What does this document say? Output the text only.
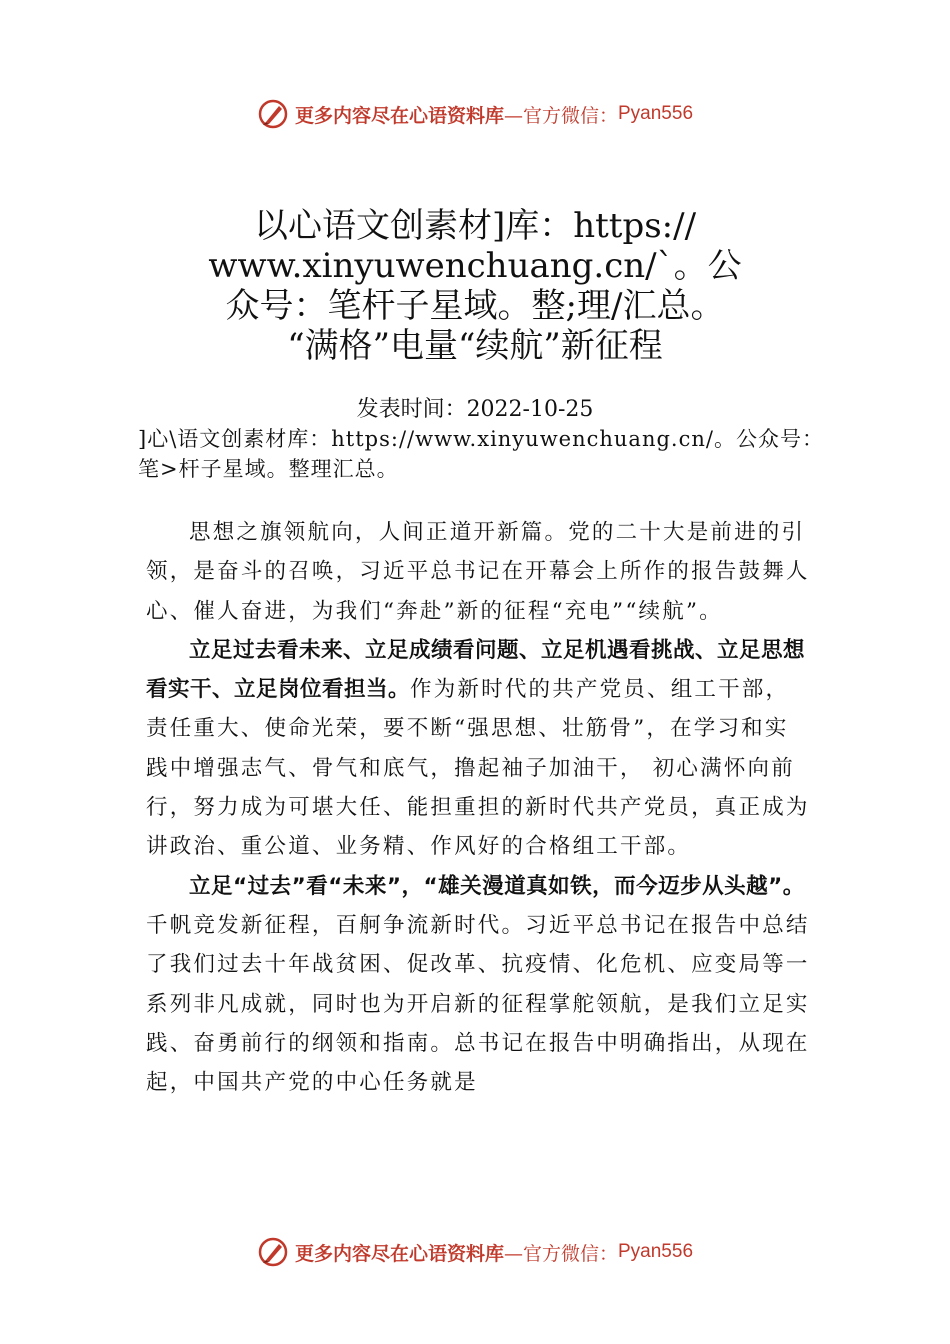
更多内容尽在心语资料库 —官方微信： Pyan556
以心语文创素材]库：https://
www.xinyuwenchuang.cn/`。公
众号：笔杆子星域。整;理/汇总。
“满格”电量“续航”新征程
发表时间：2022-10-25
]心\语文创素材库：https://www.xinyuwenchuang.cn/。公众号：笔>杆子星域。整理汇总。

思想之旗领航向，人间正道开新篇。党的二十大是前进的引领，是奋斗的召唤，习近平总书记在开幕会上所作的报告鼓舞人心、催人奋进，为我们“奔赴”新的征程“充电”“续航”。

立足过去看未来、立足成绩看问题、立足机遇看挑战、立足思想看实干、立足岗位看担当。作为新时代的共产党员、组工干部，责任重大、使命光荣，要不断“强思想、壮筋骨”，在学习和实践中增强志气、骨气和底气，撸起袖子加油干， 初心满怀向前行，努力成为可堪大任、能担重担的新时代共产党员，真正成为讲政治、重公道、业务精、作风好的合格组工干部。

立足“过去”看“未来”，“雄关漫道真如铁，而今迈步从头越”。千帆竞发新征程，百舸争流新时代。习近平总书记在报告中总结了我们过去十年战贫困、促改革、抗疫情、化危机、应变局等一系列非凡成就，同时也为开启新的征程掌舵领航，是我们立足实践、奋勇前行的纲领和指南。总书记在报告中明确指出，从现在起，中国共产党的中心任务就是

更多内容尽在心语资料库 —官方微信： Pyan556
